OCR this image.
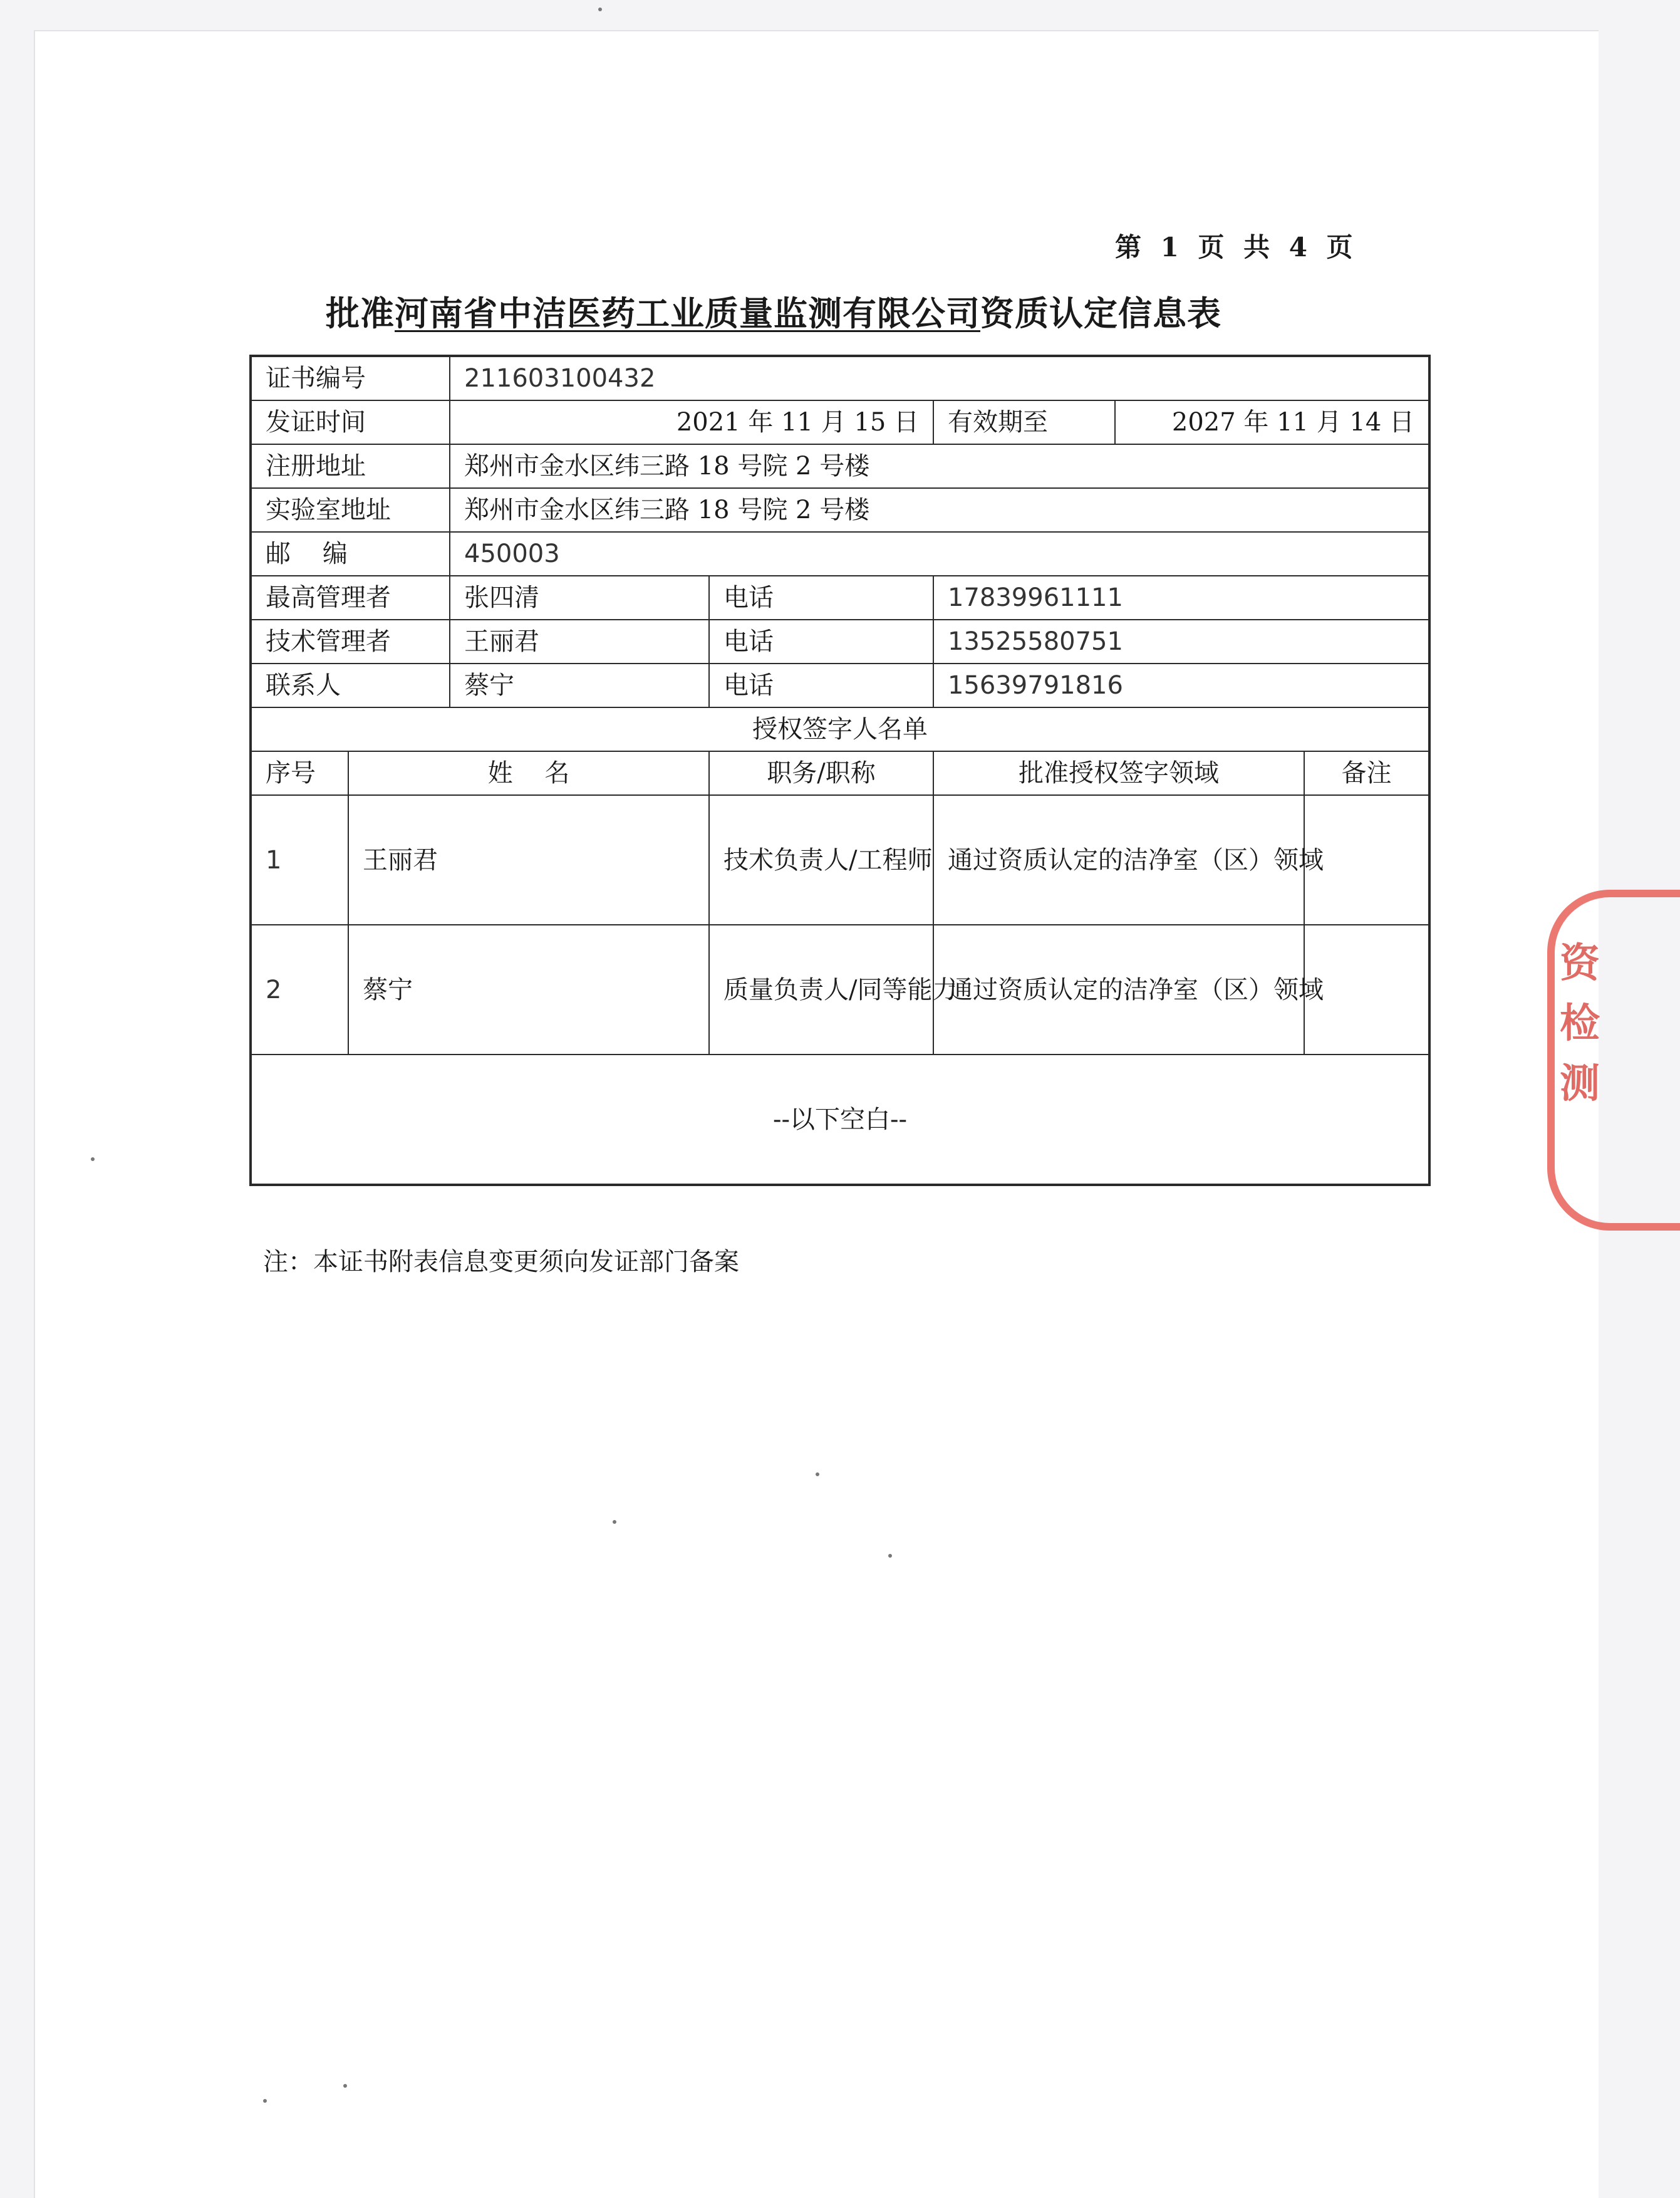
第 1 页 共 4 页
批准河南省中洁医药工业质量监测有限公司资质认定信息表
证书编号		211603100432				
发证时间		2021 年 11 月 15 日		有效期至	2027 年 11 月 14 日	
注册地址		郑州市金水区纬三路 18 号院 2 号楼				
实验室地址		郑州市金水区纬三路 18 号院 2 号楼				
邮    编		450003				
最高管理者		张四清	电话	17839961111		
技术管理者		王丽君	电话	13525580751		
联系人		蔡宁	电话	15639791816		
授权签字人名单						
序号	姓    名		职务/职称	批准授权签字领域		备注
1	王丽君		技术负责人/工程师	通过资质认定的洁净室（区）领域		
2	蔡宁		质量负责人/同等能力	通过资质认定的洁净室（区）领域		
--以下空白--						
注：本证书附表信息变更须向发证部门备案
资检测
